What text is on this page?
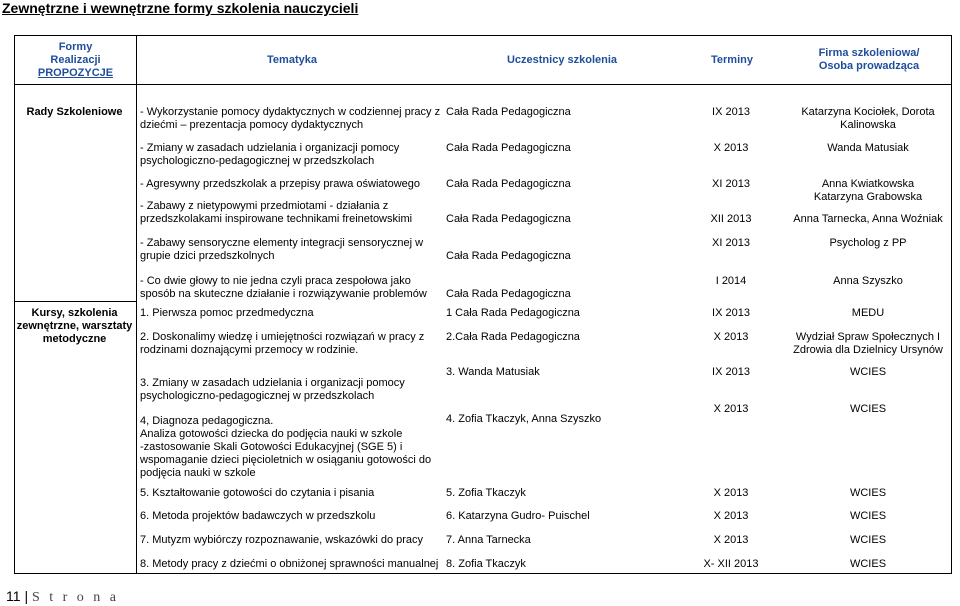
Zewnętrzne i wewnętrzne formy szkolenia nauczycieli
Formy
Realizacji
PROPOZYCJE
Tematyka	Uczestnicy szkolenia	Terminy
Firma szkoleniowa/
Osoba prowadząca
Rady Szkoleniowe
Kursy, szkolenia
zewnętrzne, warsztaty
metodyczne
- Wykorzystanie pomocy dydaktycznych w codziennej pracy z
dziećmi – prezentacja pomocy dydaktycznych
- Zmiany w zasadach udzielania i organizacji pomocy
psychologiczno-pedagogicznej w przedszkolach
- Agresywny przedszkolak a przepisy prawa oświatowego
- Zabawy z nietypowymi przedmiotami - działania z
przedszkolakami inspirowane technikami freinetowskimi
- Zabawy sensoryczne elementy integracji sensorycznej w
grupie dzici przedszkolnych
- Co dwie głowy to nie jedna czyli praca zespołowa jako
sposób na skuteczne działanie i rozwiązywanie problemów
Cała Rada Pedagogiczna
Cała Rada Pedagogiczna
Cała Rada Pedagogiczna
Cała Rada Pedagogiczna
Cała Rada Pedagogiczna
Cała Rada Pedagogiczna
IX 2013
X 2013
XI 2013
XII 2013
XI 2013
I 2014
Katarzyna Kociołek, Dorota
Kalinowska
Wanda Matusiak
Anna Kwiatkowska
Katarzyna Grabowska
Anna Tarnecka, Anna Woźniak
Psycholog z PP
Anna Szyszko
1. Pierwsza pomoc przedmedyczna
2. Doskonalimy wiedzę i umiejętności rozwiązań w pracy z
rodzinami doznającymi przemocy w rodzinie.
3. Zmiany w zasadach udzielania i organizacji pomocy
psychologiczno-pedagogicznej w przedszkolach
4, Diagnoza pedagogiczna.
Analiza gotowości dziecka do podjęcia nauki w szkole
-zastosowanie Skali Gotowości Edukacyjnej (SGE 5) i
wspomaganie dzieci pięcioletnich w osiąganiu gotowości do
podjęcia nauki w szkole
5. Kształtowanie gotowości do czytania i pisania
6. Metoda projektów badawczych w przedszkolu
7. Mutyzm wybiórczy rozpoznawanie, wskazówki do pracy
8. Metody pracy z dziećmi o obniżonej sprawności manualnej
1 Cała Rada Pedagogiczna
2.Cała Rada Pedagogiczna
3. Wanda Matusiak
4. Zofia Tkaczyk, Anna Szyszko
5. Zofia Tkaczyk
6. Katarzyna Gudro- Puischel
7. Anna Tarnecka
8. Zofia Tkaczyk
IX 2013
X 2013
IX 2013
X 2013
X 2013
X 2013
X 2013
X- XII 2013
MEDU
Wydział Spraw Społecznych I
Zdrowia dla Dzielnicy Ursynów
WCIES
WCIES
WCIES
WCIES
WCIES
WCIES
11 | S t r o n a
